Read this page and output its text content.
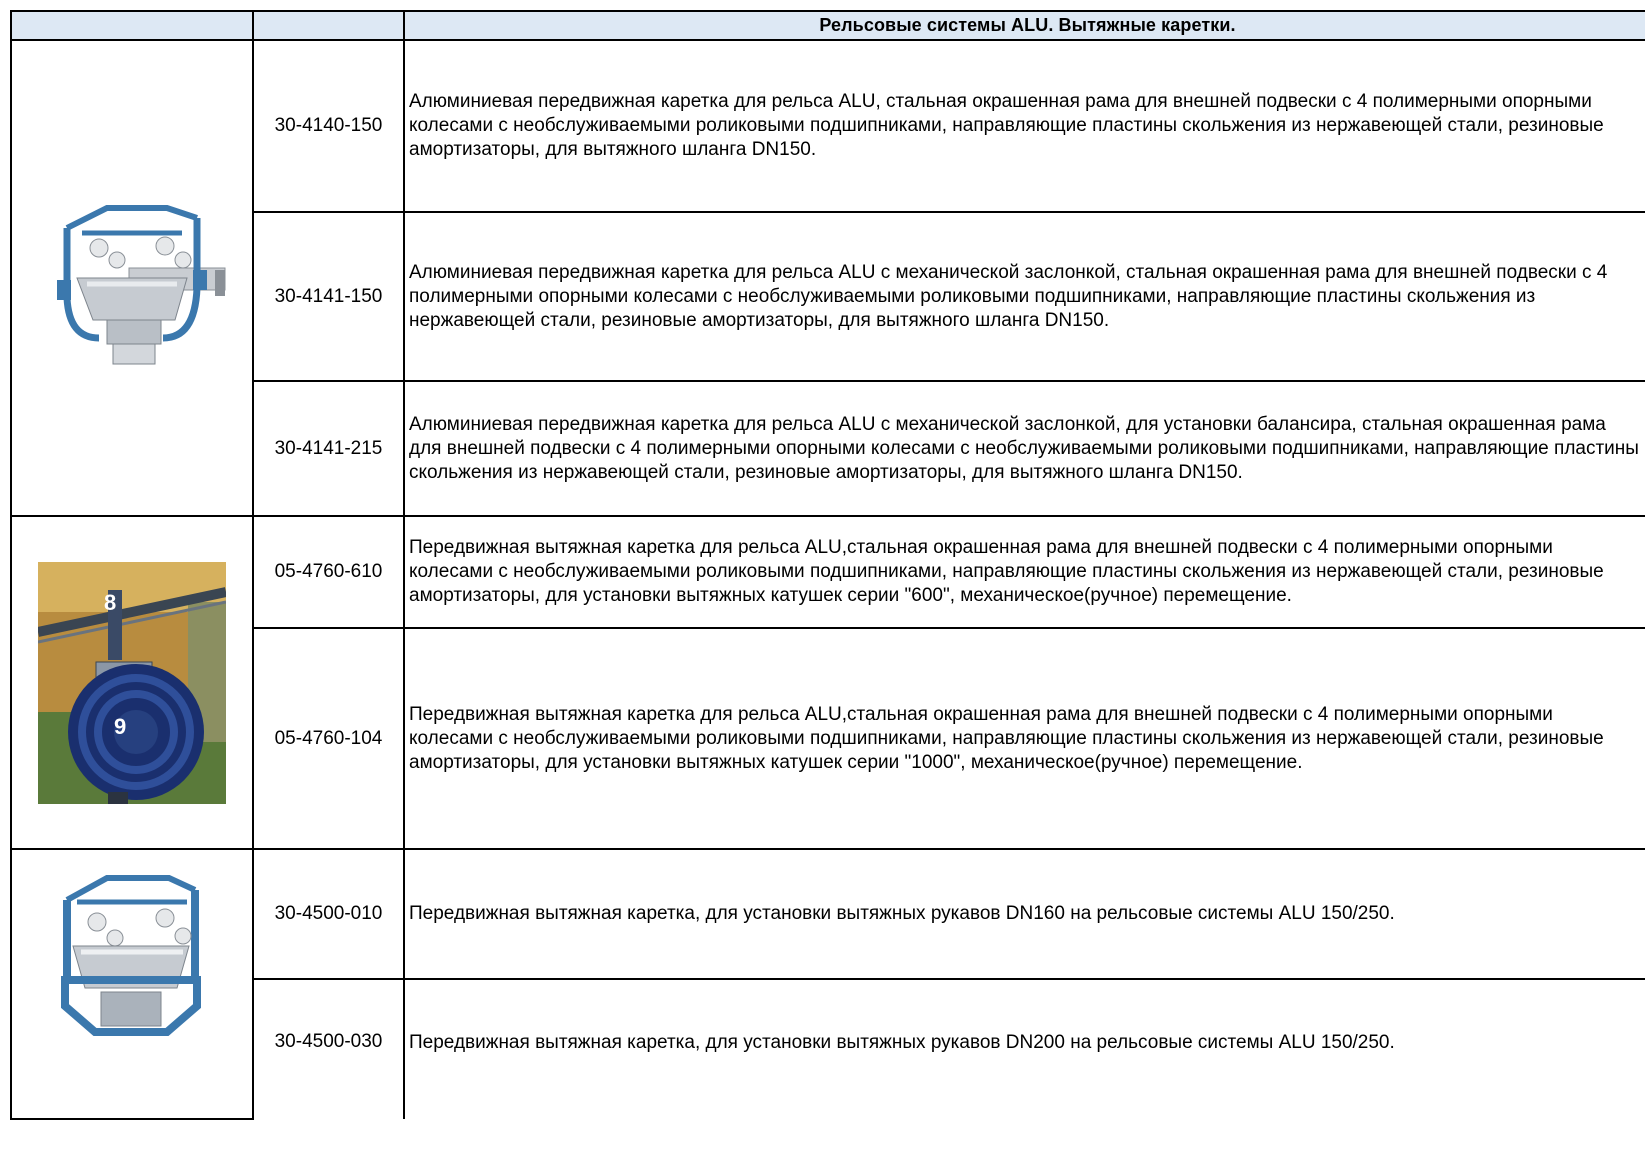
		Рельсовые системы ALU. Вытяжные каретки.

	30-4140-150	Алюминиевая передвижная каретка для рельса ALU, стальная окрашенная рама для внешней подвески с 4 полимерными опорными колесами с необслуживаемыми роликовыми подшипниками, направляющие пластины скольжения из нержавеющей стали, резиновые амортизаторы, для вытяжного шланга DN150.
	30-4141-150	Алюминиевая передвижная каретка для рельса ALU с механической заслонкой, стальная окрашенная рама для внешней подвески с 4 полимерными опорными колесами с необслуживаемыми роликовыми подшипниками, направляющие пластины скольжения из нержавеющей стали, резиновые амортизаторы, для вытяжного шланга DN150.
	30-4141-215	Алюминиевая передвижная каретка для рельса ALU с механической заслонкой, для установки балансира, стальная окрашенная рама для внешней подвески с 4 полимерными опорными колесами с необслуживаемыми роликовыми подшипниками, направляющие пластины скольжения из нержавеющей стали, резиновые амортизаторы, для вытяжного шланга DN150.

8
9	05-4760-610	Передвижная вытяжная каретка для рельса ALU,стальная окрашенная рама для внешней подвески с 4 полимерными опорными колесами с необслуживаемыми роликовыми подшипниками, направляющие пластины скольжения из нержавеющей стали, резиновые амортизаторы, для установки вытяжных катушек серии "600", механическое(ручное) перемещение.
	05-4760-104	Передвижная вытяжная каретка для рельса ALU,стальная окрашенная рама для внешней подвески с 4 полимерными опорными колесами с необслуживаемыми роликовыми подшипниками, направляющие пластины скольжения из нержавеющей стали, резиновые амортизаторы, для установки вытяжных катушек серии "1000", механическое(ручное) перемещение.

	30-4500-010	Передвижная вытяжная каретка, для установки вытяжных рукавов DN160 на рельсовые системы ALU 150/250.
	30-4500-030	Передвижная вытяжная каретка, для установки вытяжных рукавов DN200 на рельсовые системы ALU 150/250.
